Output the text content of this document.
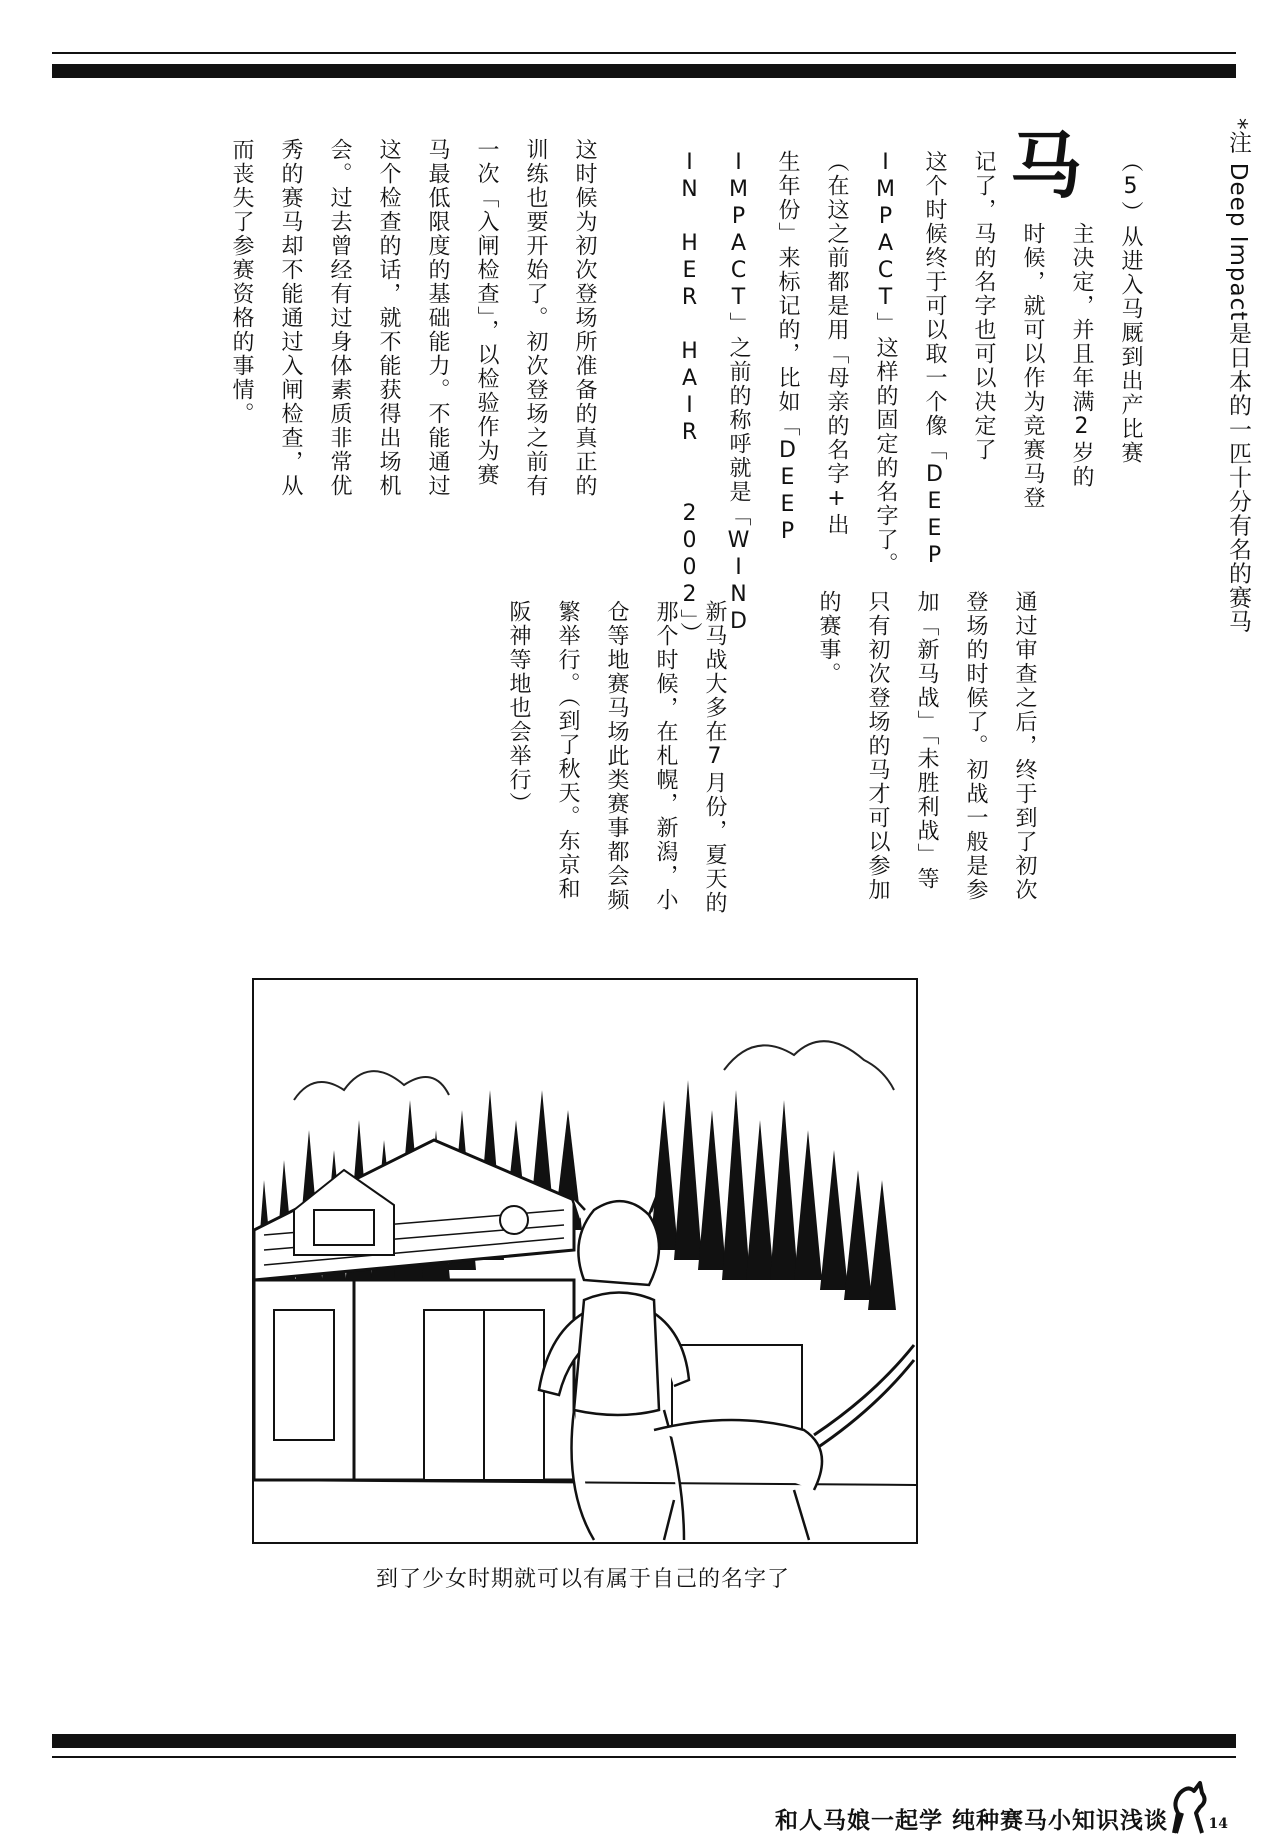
*注 Deep Impact是日本的一匹十分有名的赛马
（5）从进入马厩到出产比赛
马
主决定，并且年满2岁的
时候，就可以作为竞赛马登
记了，马的名字也可以决定了
这个时候终于可以取一个像「DEEP
IMPACT」这样的固定的名字了。
（在这之前都是用「母亲的名字+出
生年份」来标记的，比如「DEEP
IMPACT」之前的称呼就是「WIND
IN HER HAIR  2002」）
这时候为初次登场所准备的真正的
训练也要开始了。初次登场之前有
一次「入闸检查」，以检验作为赛
马最低限度的基础能力。不能通过
这个检查的话，就不能获得出场机
会。过去曾经有过身体素质非常优
秀的赛马却不能通过入闸检查，从
而丧失了参赛资格的事情。
通过审查之后，终于到了初次
登场的时候了。初战一般是参
加「新马战」「未胜利战」等
只有初次登场的马才可以参加
的赛事。
新马战大多在7月份，夏天的
那个时候，在札幌，新潟，小
仓等地赛马场此类赛事都会频
繁举行。（到了秋天。东京和
阪神等地也会举行）
到了少女时期就可以有属于自己的名字了
和人马娘一起学 纯种赛马小知识浅谈	14
